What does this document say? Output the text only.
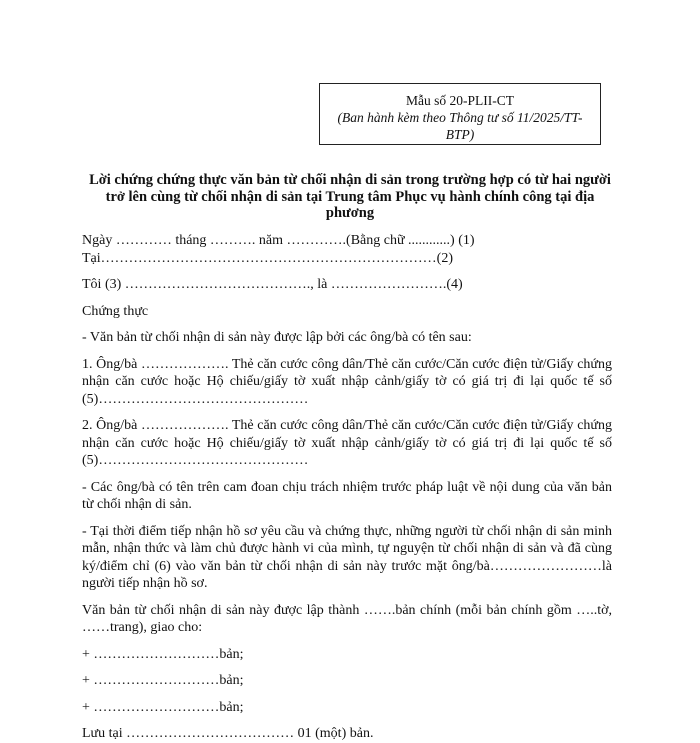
Mẫu số 20-PLII-CT
(Ban hành kèm theo Thông tư số 11/2025/TT-BTP)
Lời chứng chứng thực văn bản từ chối nhận di sản trong trường hợp có từ hai người trở lên cùng từ chối nhận di sản tại Trung tâm Phục vụ hành chính công tại địa phương

Ngày ………… tháng ………. năm ………….(Bằng chữ ............) (1)

Tại………………………………………………………………(2)

Tôi (3) …………………………………., là …………………….(4)

Chứng thực

- Văn bản từ chối nhận di sản này được lập bởi các ông/bà có tên sau:

1. Ông/bà ………………. Thẻ căn cước công dân/Thẻ căn cước/Căn cước điện tử/Giấy chứng nhận căn cước hoặc Hộ chiếu/giấy tờ xuất nhập cảnh/giấy tờ có giá trị đi lại quốc tế số (5)………………………………………

2. Ông/bà ………………. Thẻ căn cước công dân/Thẻ căn cước/Căn cước điện tử/Giấy chứng nhận căn cước hoặc Hộ chiếu/giấy tờ xuất nhập cảnh/giấy tờ có giá trị đi lại quốc tế số (5)………………………………………

- Các ông/bà có tên trên cam đoan chịu trách nhiệm trước pháp luật về nội dung của văn bản từ chối nhận di sản.

- Tại thời điểm tiếp nhận hồ sơ yêu cầu và chứng thực, những người từ chối nhận di sản minh mẫn, nhận thức và làm chủ được hành vi của mình, tự nguyện từ chối nhận di sản và đã cùng ký/điểm chỉ (6) vào văn bản từ chối nhận di sản này trước mặt ông/bà……………………là người tiếp nhận hồ sơ.

Văn bản từ chối nhận di sản này được lập thành …….bản chính (mỗi bản chính gồm …..tờ, ……trang), giao cho:

+ ………………………bản;

+ ………………………bản;

+ ………………………bản;

Lưu tại ……………………………… 01 (một) bản.
